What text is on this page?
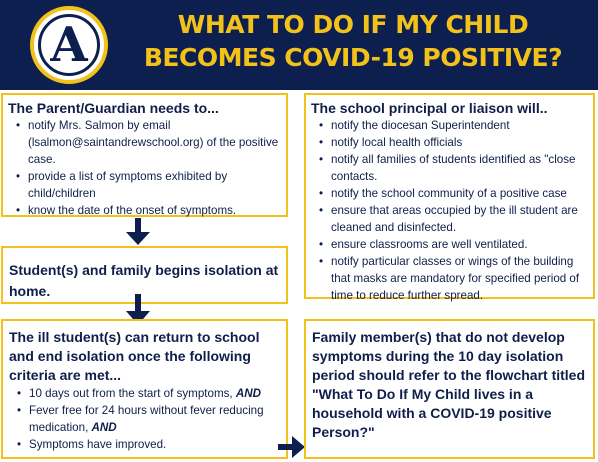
A	WHAT TO DO IF MY CHILD
BECOMES COVID-19 POSITIVE?
The Parent/Guardian needs to...
• notify Mrs. Salmon by email (lsalmon@saintandrewschool.org) of the positive case.
• provide a list of symptoms exhibited by child/children
• know the date of the onset of symptoms.
Student(s) and family begins isolation at home.
The ill student(s) can return to school and end isolation once the following criteria are met...
• 10 days out from the start of symptoms, AND
• Fever free for 24 hours without fever reducing medication, AND
• Symptoms have improved.
The school principal or liaison will..
• notify the diocesan Superintendent
• notify local health officials
• notify all families of students identified as "close contacts.
• notify the school community of a positive case
• ensure that areas occupied by the ill student are cleaned and disinfected.
• ensure classrooms are well ventilated.
• notify particular classes or wings of the building that masks are mandatory for specified period of time to reduce further spread.
Family member(s) that do not develop symptoms during the 10 day isolation period should refer to the flowchart titled "What To Do If My Child lives in a household with a COVID-19 positive Person?"
